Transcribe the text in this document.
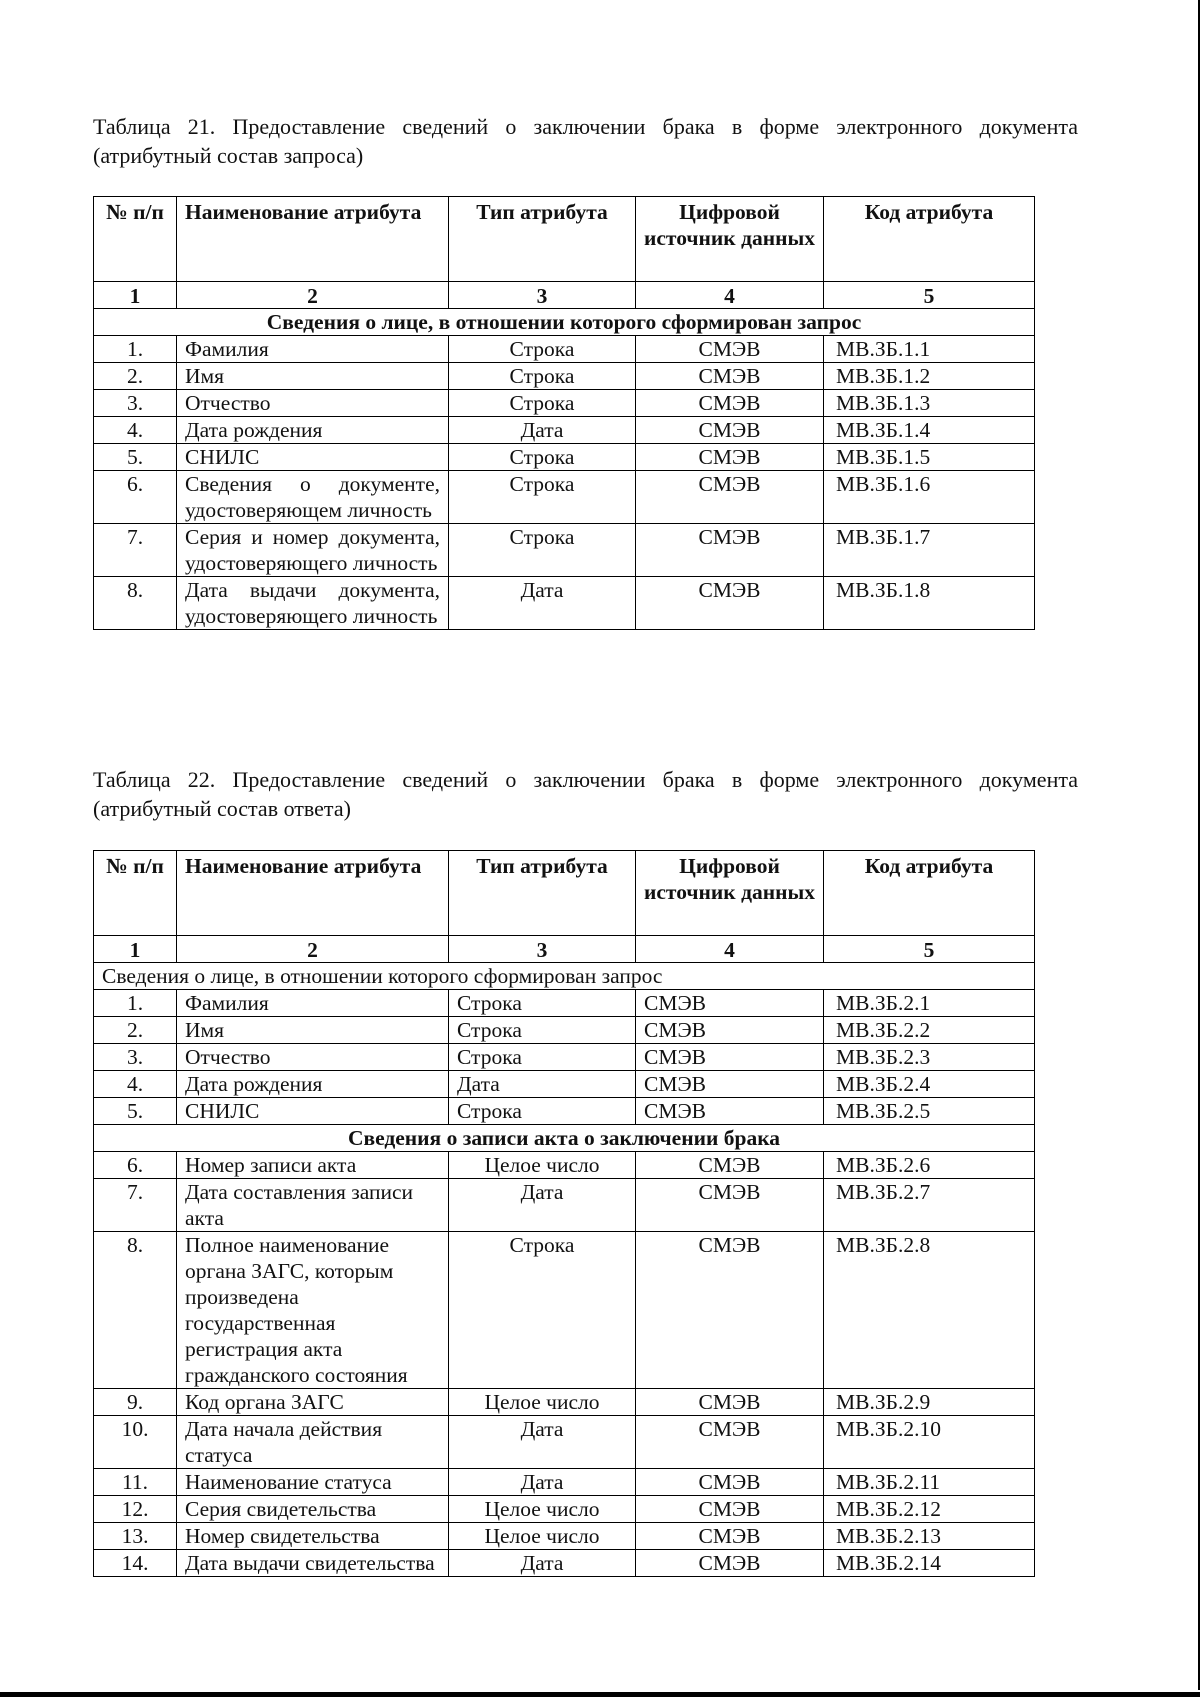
Таблица 21. Предоставление сведений о заключении брака в форме электронного документа (атрибутный состав запроса)
№ п/п	Наименование атрибута	Тип атрибута	Цифровой источник данных	Код атрибута
1	2	3	4	5
Сведения о лице, в отношении которого сформирован запрос				
1.	Фамилия	Строка	СМЭВ	МВ.ЗБ.1.1
2.	Имя	Строка	СМЭВ	МВ.ЗБ.1.2
3.	Отчество	Строка	СМЭВ	МВ.ЗБ.1.3
4.	Дата рождения	Дата	СМЭВ	МВ.ЗБ.1.4
5.	СНИЛС	Строка	СМЭВ	МВ.ЗБ.1.5
6.	Сведения о документе, удостоверяющем личность	Строка	СМЭВ	МВ.ЗБ.1.6
7.	Серия и номер документа, удостоверяющего личность	Строка	СМЭВ	МВ.ЗБ.1.7
8.	Дата выдачи документа, удостоверяющего личность	Дата	СМЭВ	МВ.ЗБ.1.8
Таблица 22. Предоставление сведений о заключении брака в форме электронного документа (атрибутный состав ответа)
№ п/п	Наименование атрибута	Тип атрибута	Цифровой источник данных	Код атрибута
1	2	3	4	5
Сведения о лице, в отношении которого сформирован запрос				
1.	Фамилия	Строка	СМЭВ	МВ.ЗБ.2.1
2.	Имя	Строка	СМЭВ	МВ.ЗБ.2.2
3.	Отчество	Строка	СМЭВ	МВ.ЗБ.2.3
4.	Дата рождения	Дата	СМЭВ	МВ.ЗБ.2.4
5.	СНИЛС	Строка	СМЭВ	МВ.ЗБ.2.5
Сведения о записи акта о заключении брака				
6.	Номер записи акта	Целое число	СМЭВ	МВ.ЗБ.2.6
7.	Дата составления записи акта	Дата	СМЭВ	МВ.ЗБ.2.7
8.	Полное наименование органа ЗАГС, которым произведена государственная регистрация акта гражданского состояния	Строка	СМЭВ	МВ.ЗБ.2.8
9.	Код органа ЗАГС	Целое число	СМЭВ	МВ.ЗБ.2.9
10.	Дата начала действия статуса	Дата	СМЭВ	МВ.ЗБ.2.10
11.	Наименование статуса	Дата	СМЭВ	МВ.ЗБ.2.11
12.	Серия свидетельства	Целое число	СМЭВ	МВ.ЗБ.2.12
13.	Номер свидетельства	Целое число	СМЭВ	МВ.ЗБ.2.13
14.	Дата выдачи свидетельства	Дата	СМЭВ	МВ.ЗБ.2.14
